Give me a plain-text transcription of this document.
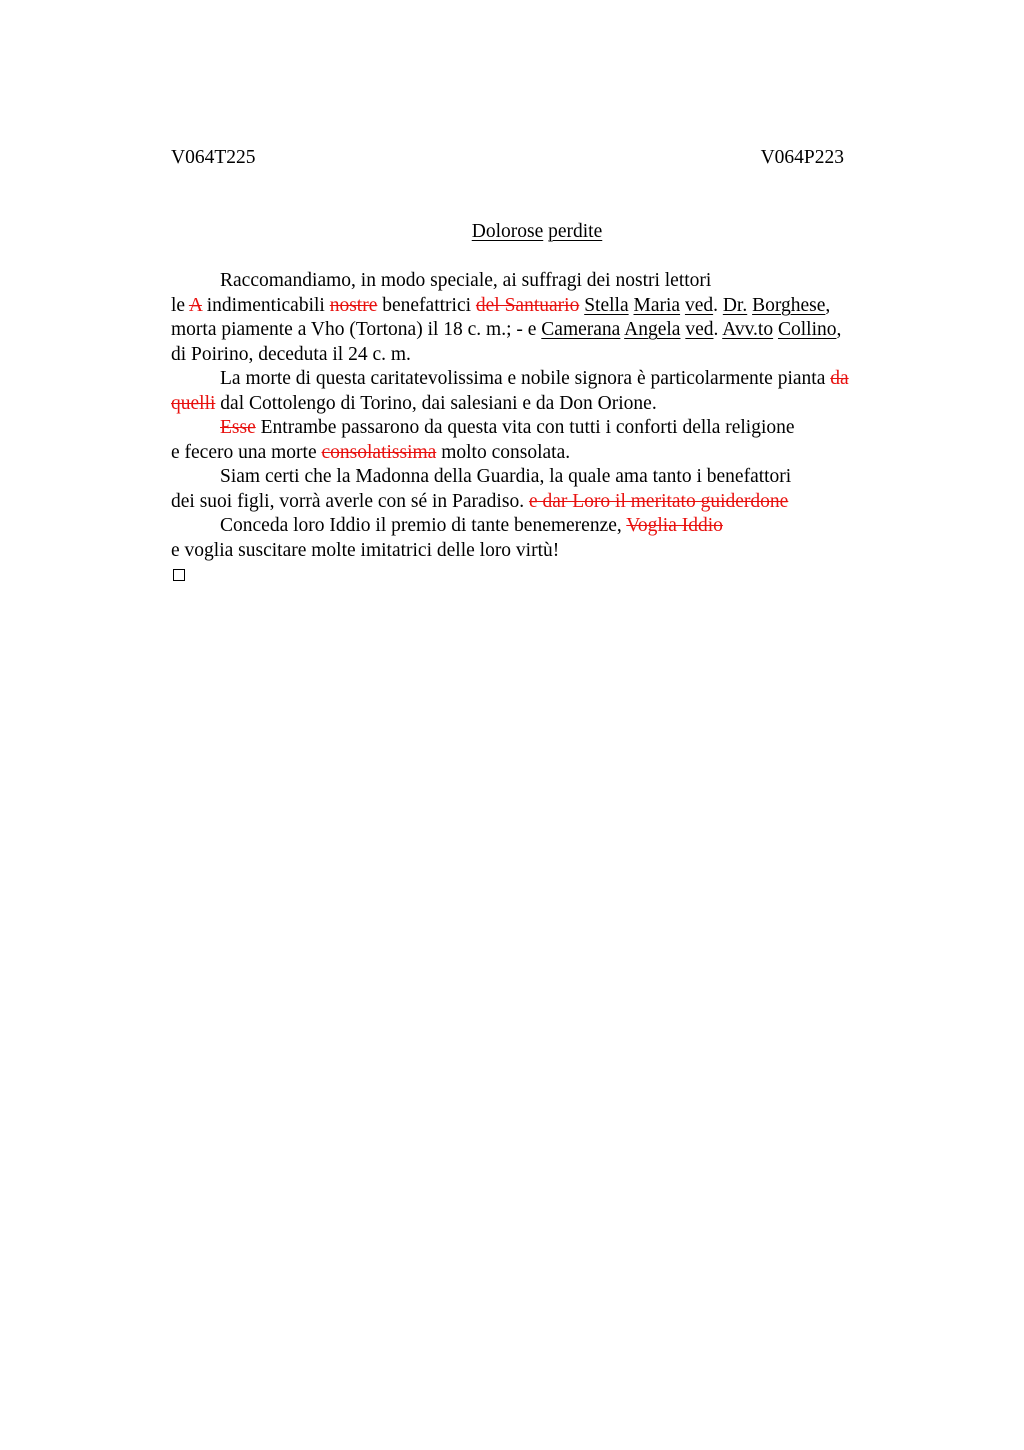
V064T225	V064P223
Dolorose perdite
Raccomandiamo, in modo speciale, ai suffragi dei nostri lettori
le A indimenticabili nostre benefattrici del Santuario Stella Maria ved. Dr. Borghese,
morta piamente a Vho (Tortona) il 18 c. m.; - e Camerana Angela ved. Avv.to Collino,
di Poirino, deceduta il 24 c. m.
La morte di questa caritatevolissima e nobile signora è particolarmente pianta da
quelli dal Cottolengo di Torino, dai salesiani e da Don Orione.
Esse Entrambe passarono da questa vita con tutti i conforti della religione
e fecero una morte consolatissima molto consolata.
Siam certi che la Madonna della Guardia, la quale ama tanto i benefattori
dei suoi figli, vorrà averle con sé in Paradiso. e dar Loro il meritato guiderdone
Conceda loro Iddio il premio di tante benemerenze, Voglia Iddio
e voglia suscitare molte imitatrici delle loro virtù!
